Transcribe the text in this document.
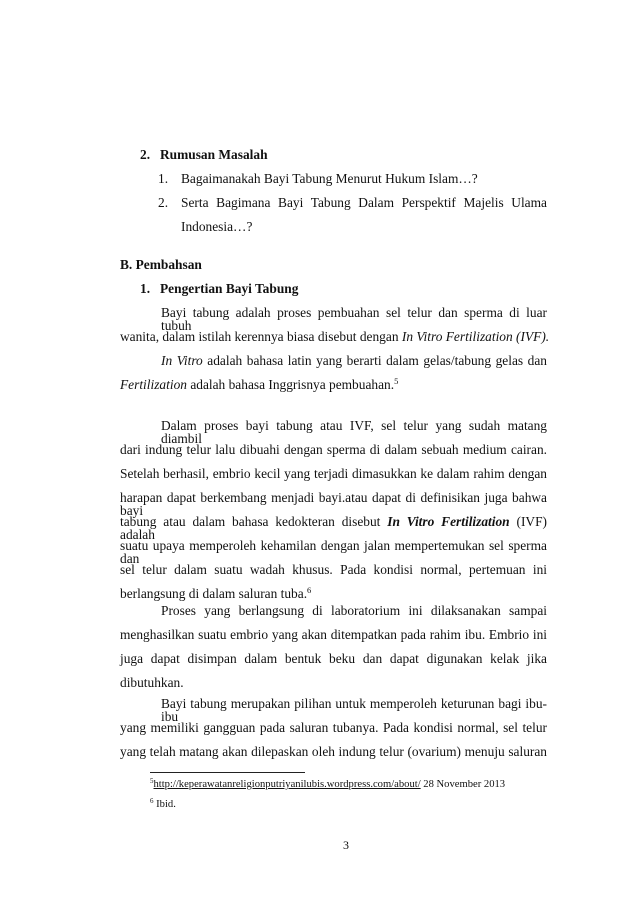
2. Rumusan Masalah
1. Bagaimanakah Bayi Tabung Menurut Hukum Islam…?
2. Serta Bagimana Bayi Tabung Dalam Perspektif Majelis Ulama
Indonesia…?
B. Pembahsan
1. Pengertian Bayi Tabung
Bayi tabung adalah proses pembuahan sel telur dan sperma di luar tubuh
wanita, dalam istilah kerennya biasa disebut dengan In Vitro Fertilization (IVF).
In Vitro adalah bahasa latin yang berarti dalam gelas/tabung gelas dan
Fertilization adalah bahasa Inggrisnya pembuahan.$^5$
Dalam proses bayi tabung atau IVF, sel telur yang sudah matang diambil
dari indung telur lalu dibuahi dengan sperma di dalam sebuah medium cairan.
Setelah berhasil, embrio kecil yang terjadi dimasukkan ke dalam rahim dengan
harapan dapat berkembang menjadi bayi.atau dapat di definisikan juga bahwa bayi
tabung atau dalam bahasa kedokteran disebut In Vitro Fertilization (IVF) adalah
suatu upaya memperoleh kehamilan dengan jalan mempertemukan sel sperma dan
sel telur dalam suatu wadah khusus. Pada kondisi normal, pertemuan ini
berlangsung di dalam saluran tuba.$^6$
Proses yang berlangsung di laboratorium ini dilaksanakan sampai
menghasilkan suatu embrio yang akan ditempatkan pada rahim ibu. Embrio ini
juga dapat disimpan dalam bentuk beku dan dapat digunakan kelak jika
dibutuhkan.
Bayi tabung merupakan pilihan untuk memperoleh keturunan bagi ibu- ibu
$^5$http://keperawatanreligionputriyanilubis.wordpress.com/about/ 28 November 2013
$^6$ Ibid.
3
yang memiliki gangguan pada saluran tubanya. Pada kondisi normal, sel telur
yang telah matang akan dilepaskan oleh indung telur (ovarium) menuju saluran
